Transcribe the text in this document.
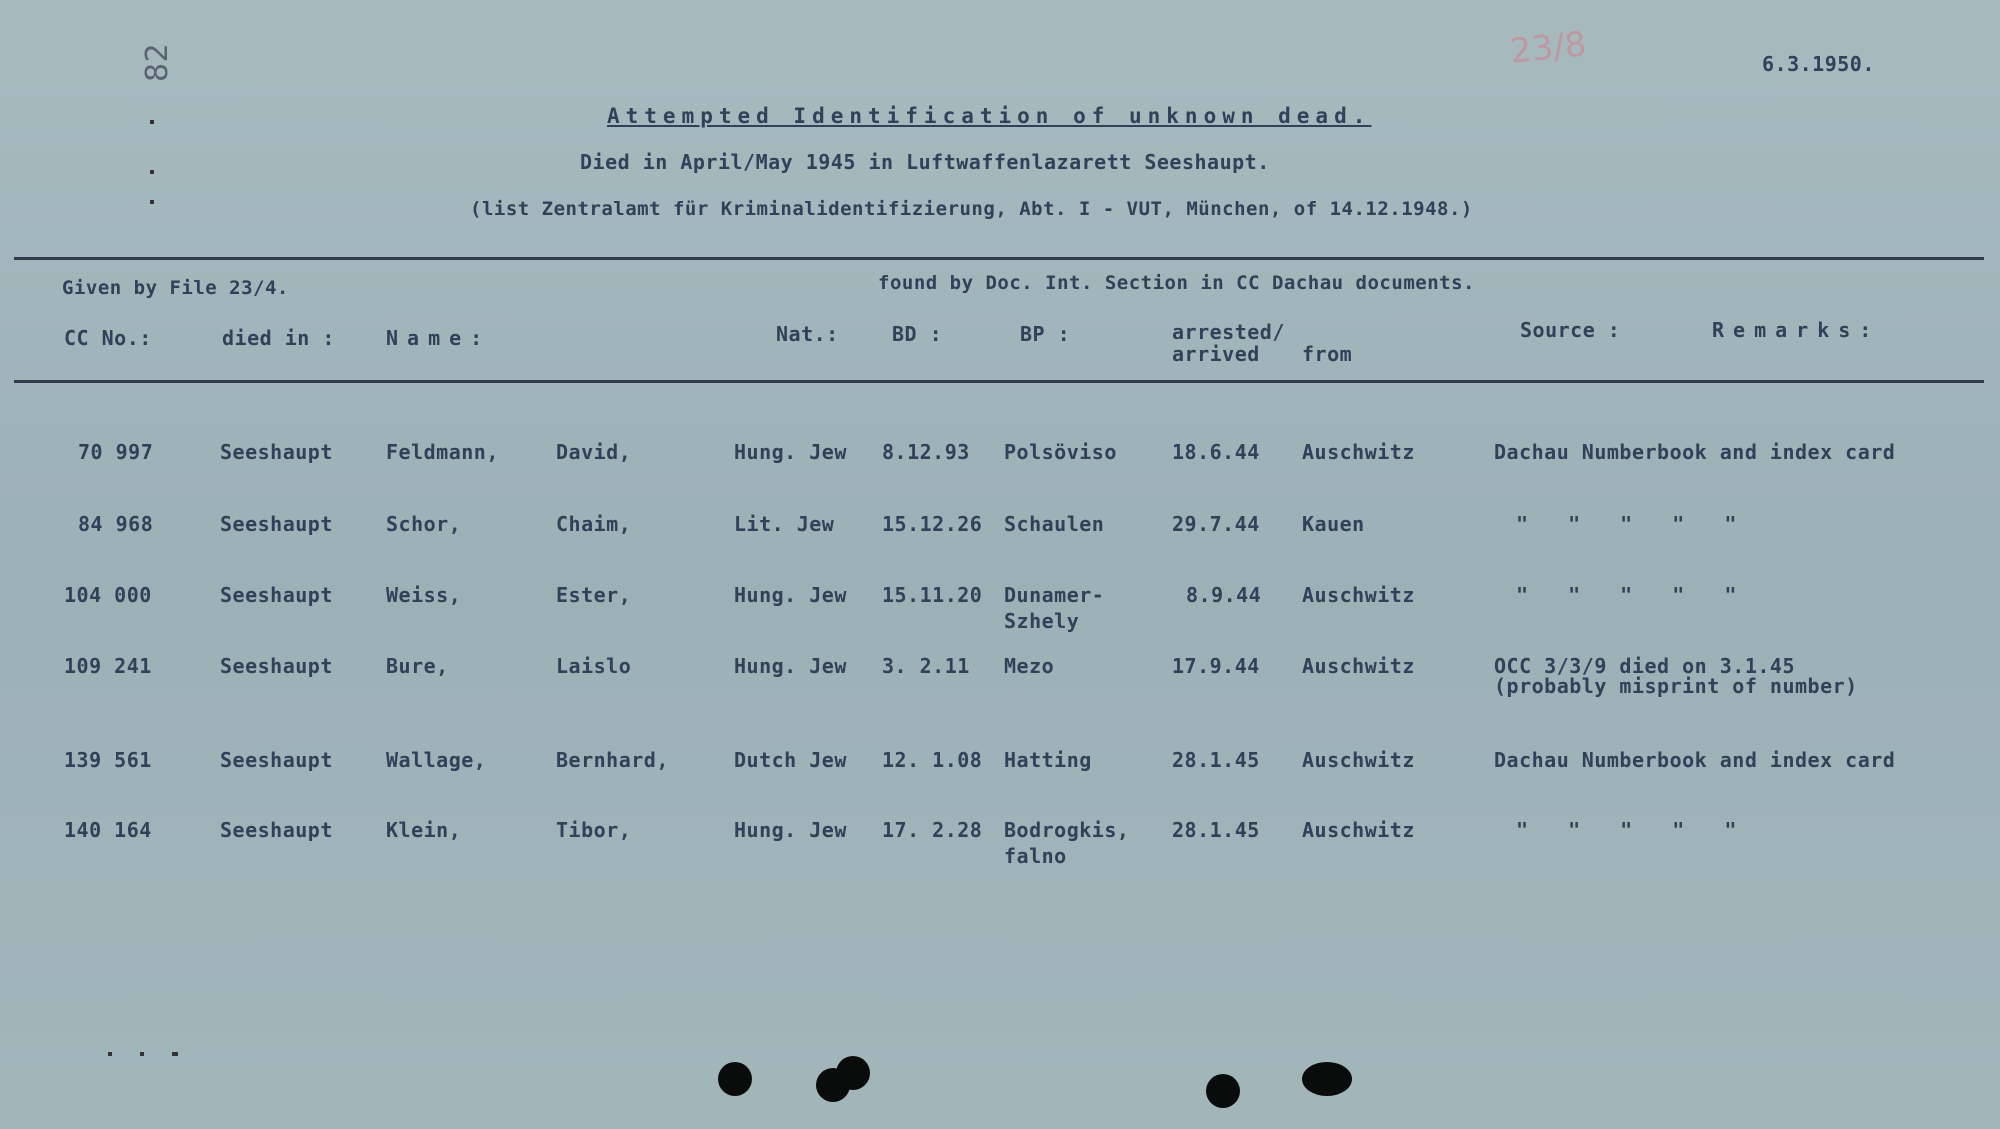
82	23/8	6.3.1950.
Attempted Identification of unknown dead.
Died in April/May 1945 in Luftwaffenlazarett Seeshaupt.
(list Zentralamt für Kriminalidentifizierung, Abt. I - VUT, München, of 14.12.1948.)
Given by File 23/4.	found by Doc. Int. Section in CC Dachau documents.
CC No.:	died in :	Name:	Nat.:	BD :	BP :	arrested/
arrived from
Source :	Remarks:
70 997	Seeshaupt	Feldmann,	David,	Hung. Jew 8.12.93 Polsöviso	18.6.44 Auschwitz	Dachau Numberbook and index card
84 968	Seeshaupt	Schor,	Chaim,	Lit. Jew 15.12.26 Schaulen	29.7.44 Kauen	" " " " "
104 000	Seeshaupt	Weiss,	Ester,	Hung. Jew 15.11.20 Dunamer-
Szhely
8.9.44 Auschwitz	" " " " "
109 241	Seeshaupt	Bure,	Laislo	Hung. Jew 3. 2.11 Mezo	17.9.44 Auschwitz	OCC 3/3/9 died on 3.1.45
(probably misprint of number)
139 561	Seeshaupt	Wallage,	Bernhard,	Dutch Jew 12. 1.08 Hatting	28.1.45 Auschwitz	Dachau Numberbook and index card
140 164	Seeshaupt	Klein,	Tibor,	Hung. Jew 17. 2.28 Bodrogkis,
falno
28.1.45 Auschwitz	" " " " "
